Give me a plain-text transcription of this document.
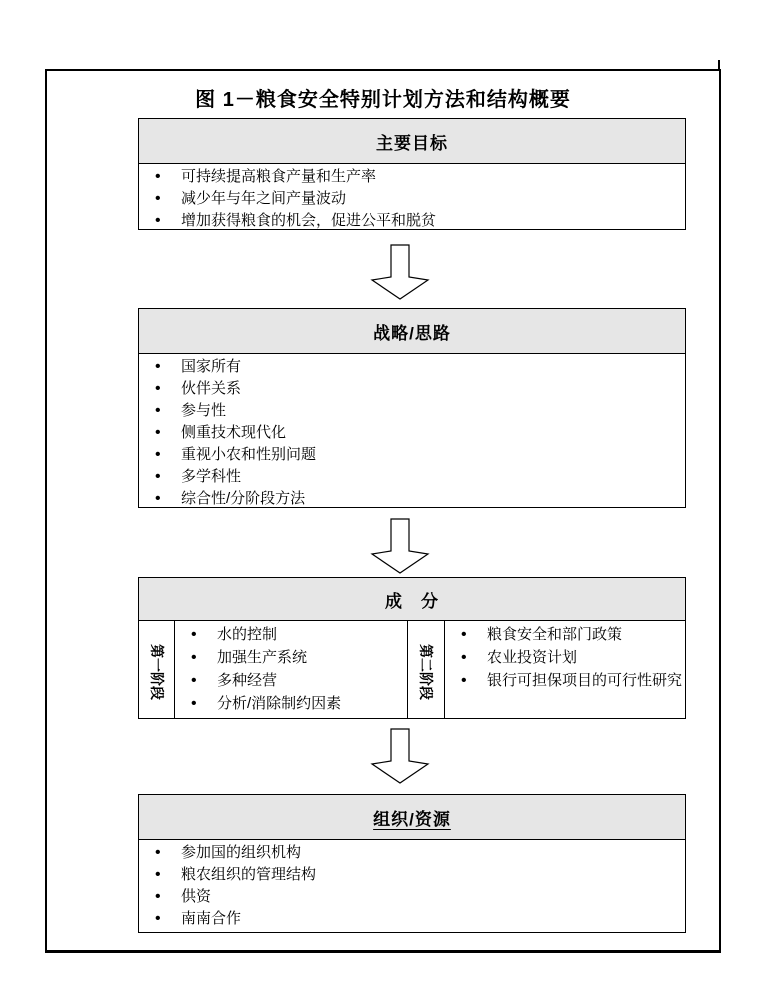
图 1－粮食安全特别计划方法和结构概要
主要目标
• 可持续提高粮食产量和生产率
• 减少年与年之间产量波动
• 增加获得粮食的机会，促进公平和脱贫
战略/思路
• 国家所有
• 伙伴关系
• 参与性
• 侧重技术现代化
• 重视小农和性别问题
• 多学科性
• 综合性/分阶段方法
成　分
第一阶段
• 水的控制
• 加强生产系统
• 多种经营
• 分析/消除制约因素
第二阶段
• 粮食安全和部门政策
• 农业投资计划
• 银行可担保项目的可行性研究
组织/资源
• 参加国的组织机构
• 粮农组织的管理结构
• 供资
• 南南合作
